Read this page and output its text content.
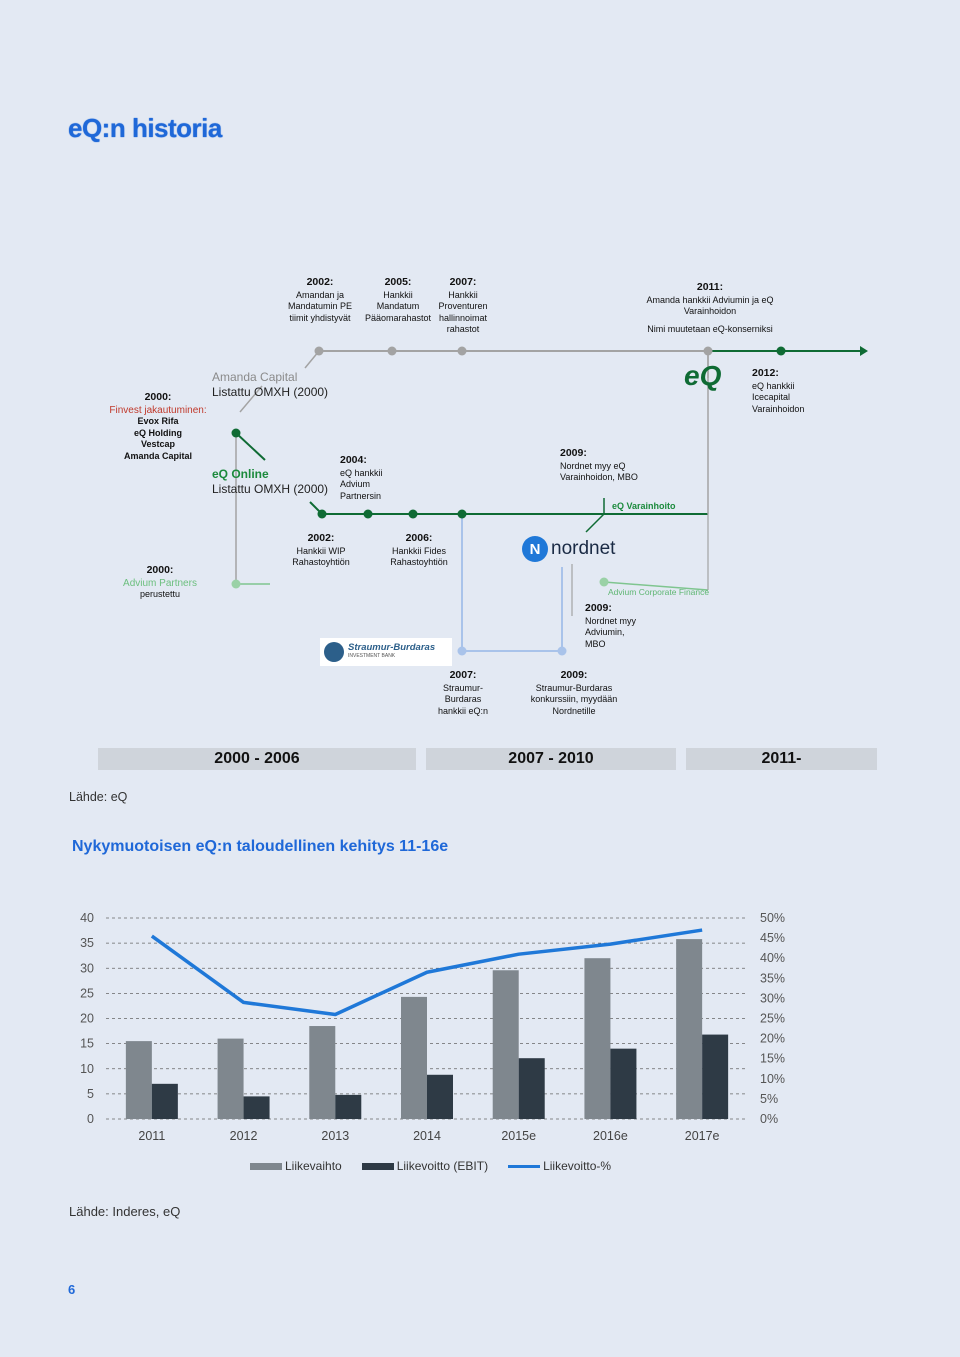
eQ:n historia
2002:
Amandan ja
Mandatumin PE
tiimit yhdistyvät
2005:
Hankkii
Mandatum
Pääomarahastot
2007:
Hankkii
Proventuren
hallinnoimat
rahastot
2011:
Amanda hankkii Adviumin ja eQ
Varainhoidon
Nimi muutetaan eQ-konserniksi
2000:
Finvest jakautuminen:
Evox Rifa
eQ Holding
Vestcap
Amanda Capital
Amanda Capital
Listattu OMXH (2000)
eQ Online
Listattu OMXH (2000)
2004:
eQ hankkii
Advium
Partnersin
2009:
Nordnet myy eQ
Varainhoidon, MBO
eQ Varainhoito
eQ	2012:
eQ hankkii
Icecapital
Varainhoidon
2002:
Hankkii WIP
Rahastoyhtiön
2006:
Hankkii Fides
Rahastoyhtiön
2000:
Advium Partners
perustettu
N nordnet
Advium Corporate Finance
2009:
Nordnet myy
Adviumin,
MBO
Straumur-Burdaras
INVESTMENT BANK
2007:
Straumur-
Burdaras
hankkii eQ:n
2009:
Straumur-Burdaras
konkurssiin, myydään
Nordnetille
2000 - 2006	2007 - 2010	2011-
Lähde: eQ
Nykymuotoisen eQ:n taloudellinen kehitys 11-16e
0
5
10
15
20
25
30
35
40
0%
5%
10%
15%
20%
25%
30%
35%
40%
45%
50%
2011	2012	2013	2014	2015e	2016e	2017e
Liikevaihto	Liikevoitto (EBIT)	Liikevoitto-%
Lähde: Inderes, eQ
6
